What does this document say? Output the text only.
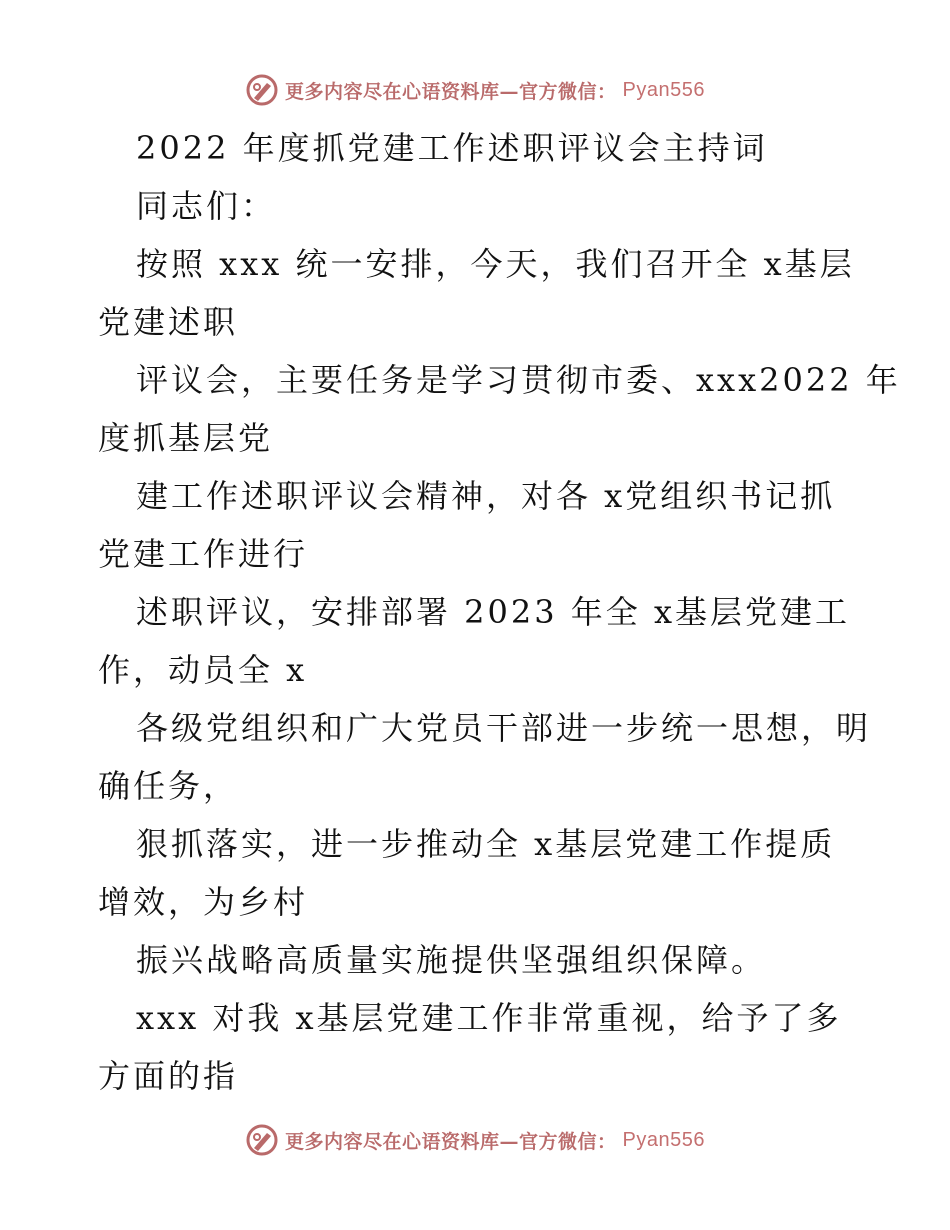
更多内容尽在心语资料库—官方微信： Pyan556
2022 年度抓党建工作述职评议会主持词
同志们：
按照 xxx 统一安排，今天，我们召开全 x基层
党建述职
评议会，主要任务是学习贯彻市委、xxx2022 年
度抓基层党
建工作述职评议会精神，对各 x党组织书记抓
党建工作进行
述职评议，安排部署 2023 年全 x基层党建工
作，动员全 x
各级党组织和广大党员干部进一步统一思想，明
确任务，
狠抓落实，进一步推动全 x基层党建工作提质
增效，为乡村
振兴战略高质量实施提供坚强组织保障。
xxx 对我 x基层党建工作非常重视，给予了多
方面的指
更多内容尽在心语资料库—官方微信： Pyan556
